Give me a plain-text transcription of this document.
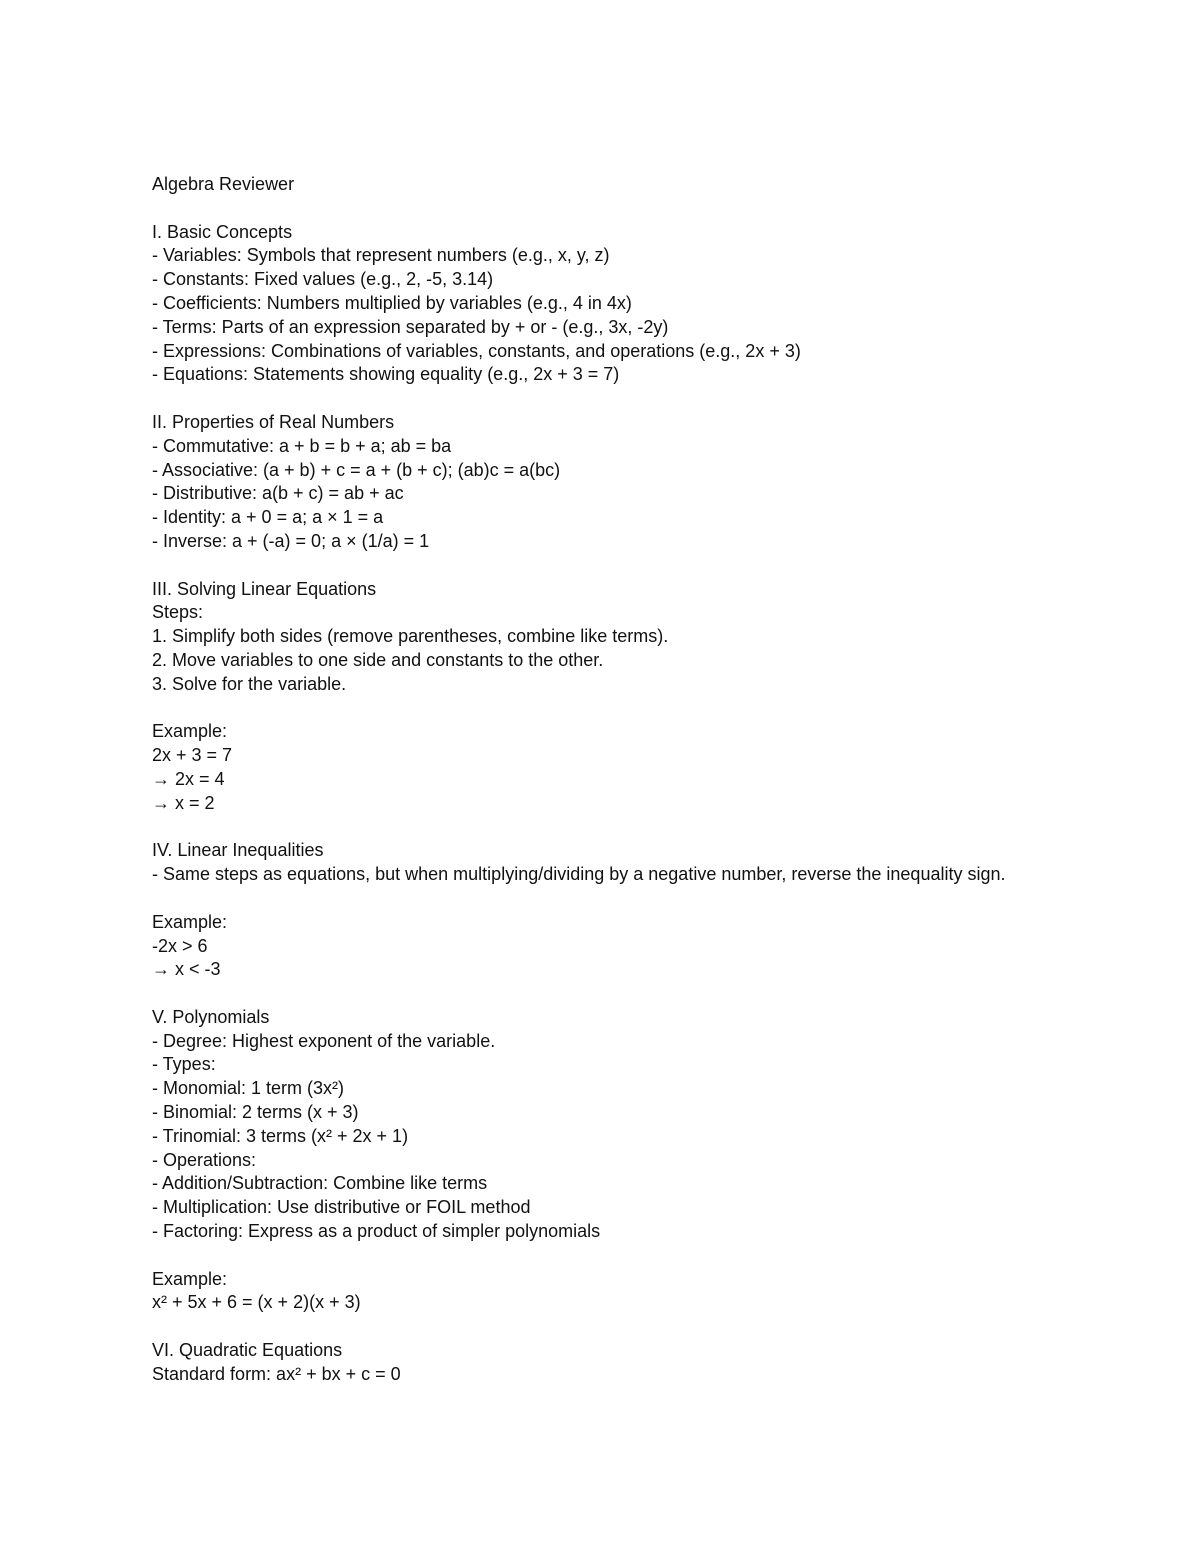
Algebra Reviewer
I. Basic Concepts
- Variables: Symbols that represent numbers (e.g., x, y, z)
- Constants: Fixed values (e.g., 2, -5, 3.14)
- Coefficients: Numbers multiplied by variables (e.g., 4 in 4x)
- Terms: Parts of an expression separated by + or - (e.g., 3x, -2y)
- Expressions: Combinations of variables, constants, and operations (e.g., 2x + 3)
- Equations: Statements showing equality (e.g., 2x + 3 = 7)
II. Properties of Real Numbers
- Commutative: a + b = b + a; ab = ba
- Associative: (a + b) + c = a + (b + c); (ab)c = a(bc)
- Distributive: a(b + c) = ab + ac
- Identity: a + 0 = a; a × 1 = a
- Inverse: a + (-a) = 0; a × (1/a) = 1
III. Solving Linear Equations
Steps:
1. Simplify both sides (remove parentheses, combine like terms).
2. Move variables to one side and constants to the other.
3. Solve for the variable.
Example:
2x + 3 = 7
→ 2x = 4
→ x = 2
IV. Linear Inequalities
- Same steps as equations, but when multiplying/dividing by a negative number, reverse the inequality sign.
Example:
-2x > 6
→ x < -3
V. Polynomials
- Degree: Highest exponent of the variable.
- Types:
- Monomial: 1 term (3x²)
- Binomial: 2 terms (x + 3)
- Trinomial: 3 terms (x² + 2x + 1)
- Operations:
- Addition/Subtraction: Combine like terms
- Multiplication: Use distributive or FOIL method
- Factoring: Express as a product of simpler polynomials
Example:
x² + 5x + 6 = (x + 2)(x + 3)
VI. Quadratic Equations
Standard form: ax² + bx + c = 0
